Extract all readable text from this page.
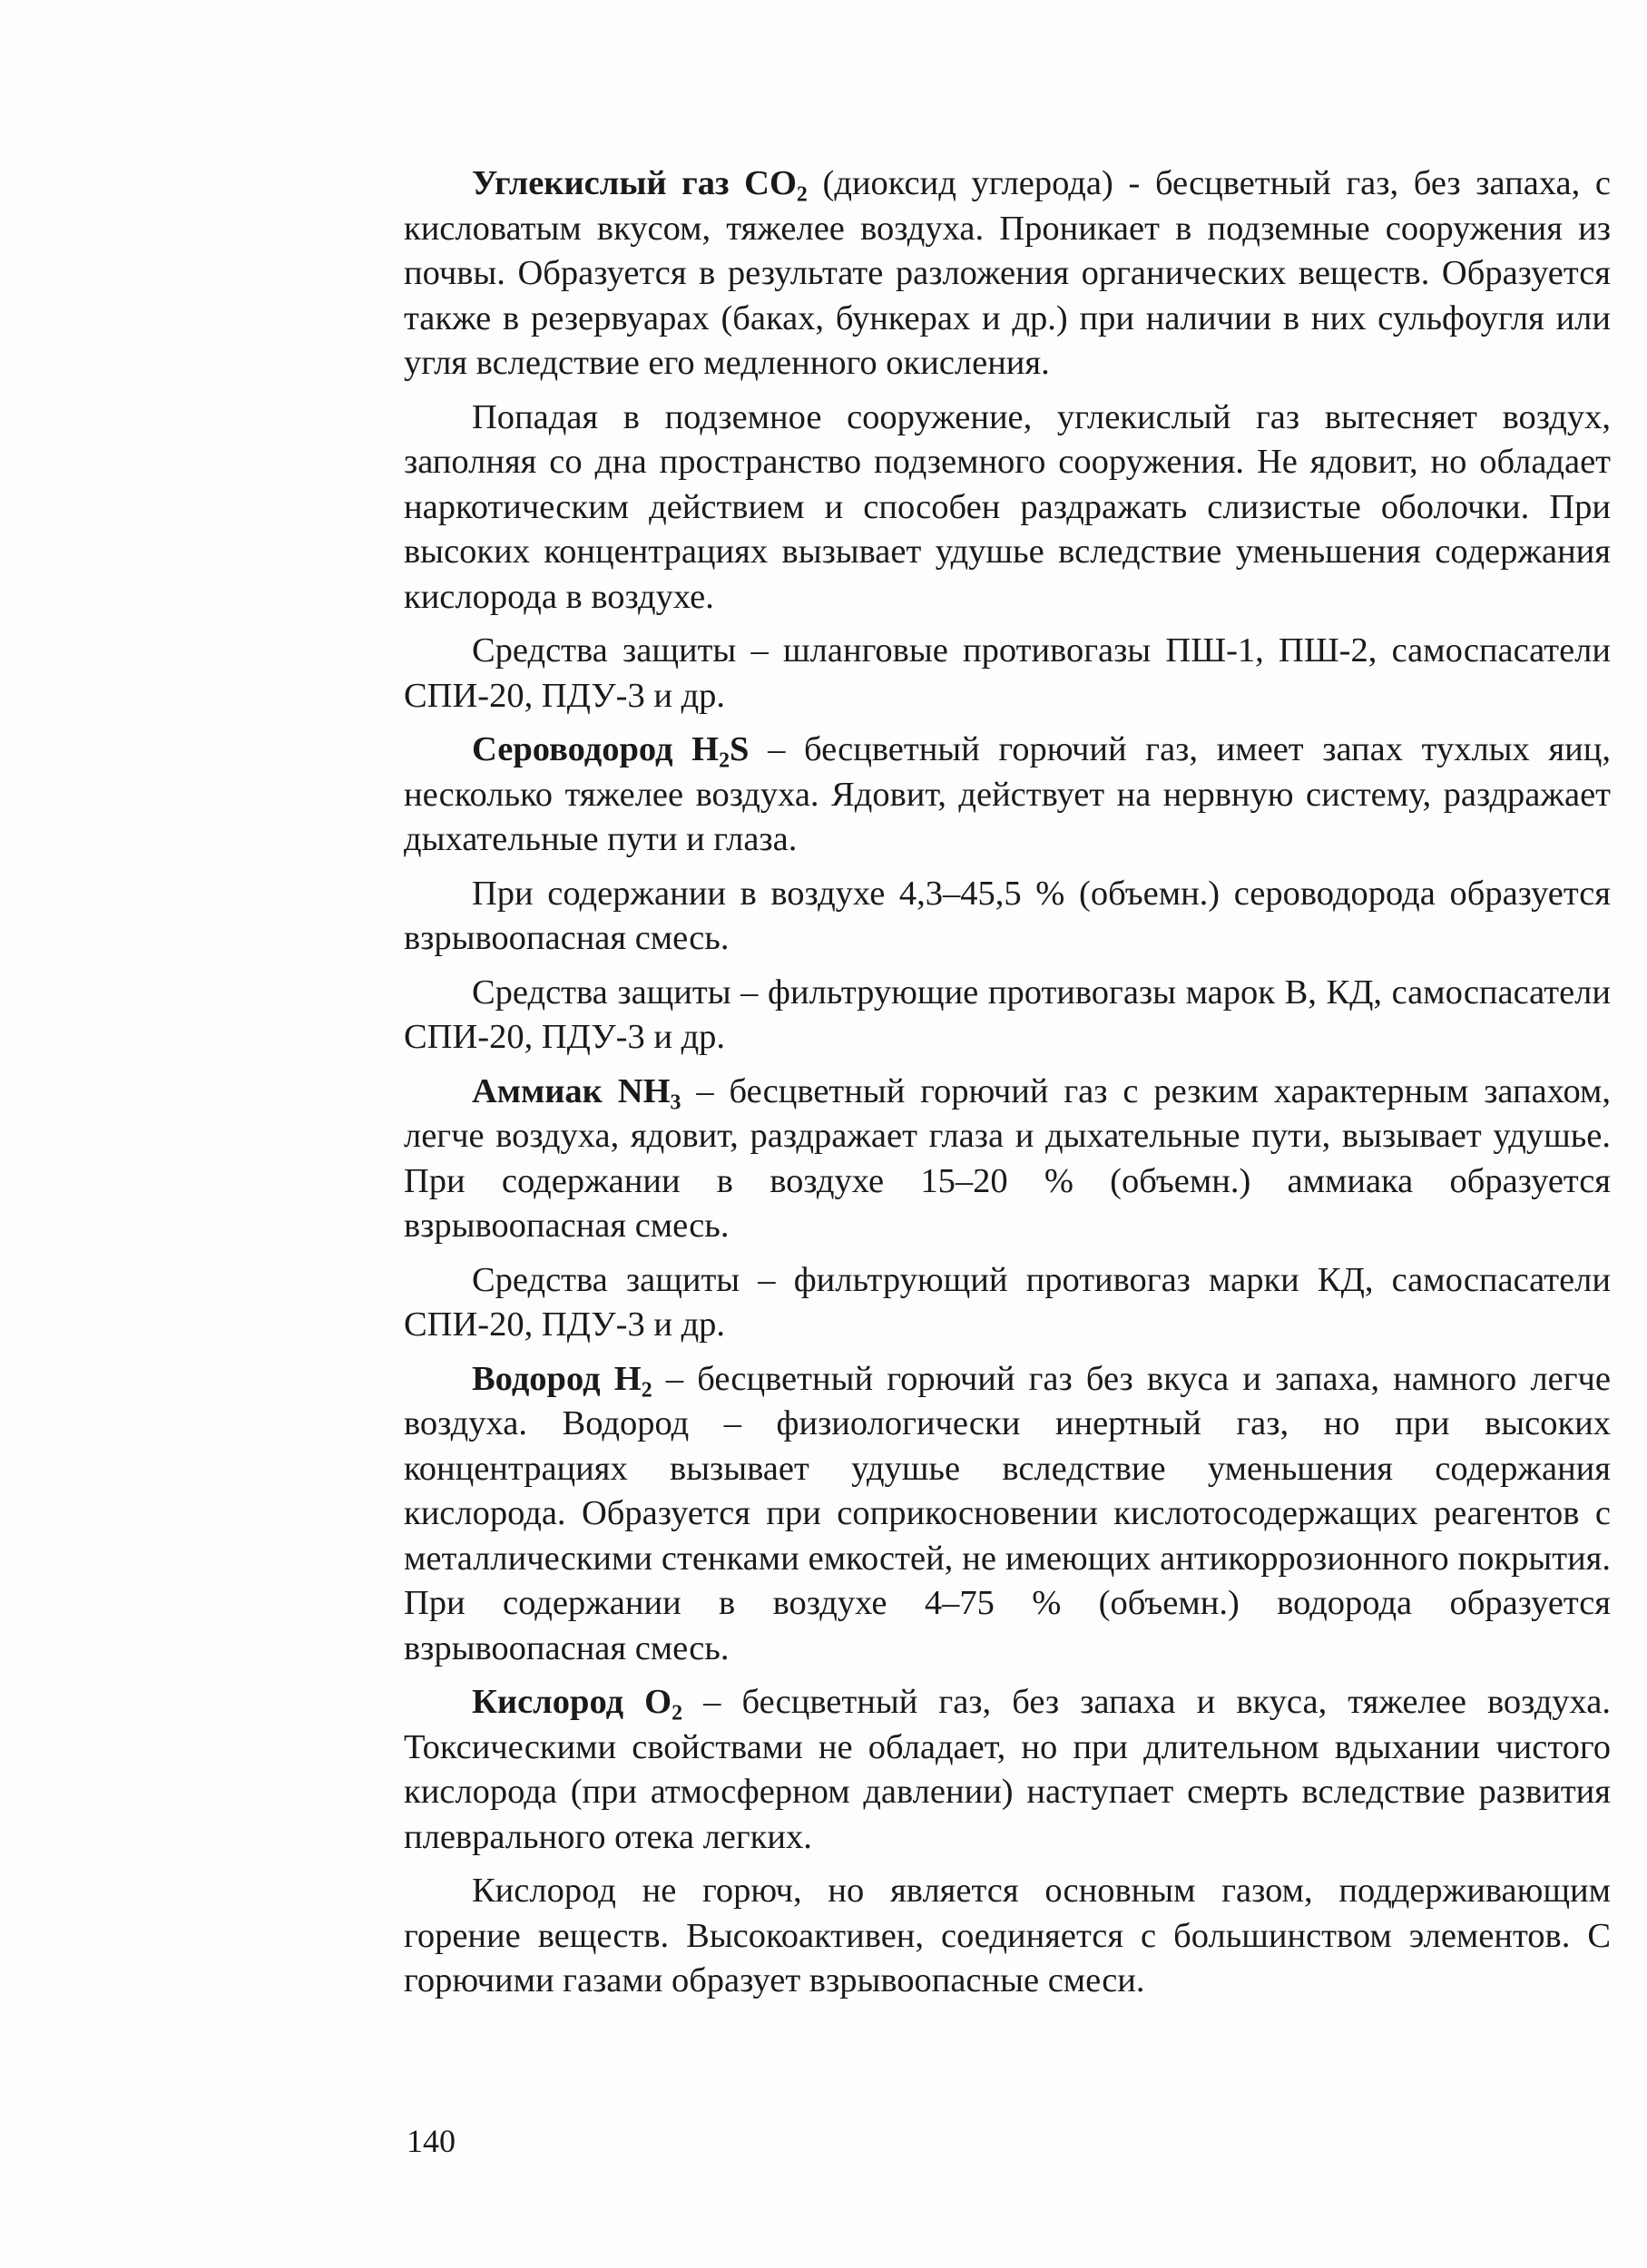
Углекислый газ $CO_2$ (диоксид углерода) - бесцветный газ, без запаха, с кисловатым вкусом, тяжелее воздуха. Проникает в подземные сооружения из почвы. Образуется в результате разложения органических веществ. Образуется также в резервуарах (баках, бункерах и др.) при наличии в них сульфоугля или угля вследствие его медленного окисления.

Попадая в подземное сооружение, углекислый газ вытесняет воздух, заполняя со дна пространство подземного сооружения. Не ядовит, но обладает наркотическим действием и способен раздражать слизистые оболочки. При высоких концентрациях вызывает удушье вследствие уменьшения содержания кислорода в воздухе.

Средства защиты – шланговые противогазы ПШ-1, ПШ-2, самоспасатели СПИ-20, ПДУ-3 и др.

Сероводород $H_2S$ – бесцветный горючий газ, имеет запах тухлых яиц, несколько тяжелее воздуха. Ядовит, действует на нервную систему, раздражает дыхательные пути и глаза.

При содержании в воздухе 4,3–45,5 % (объемн.) сероводорода образуется взрывоопасная смесь.

Средства защиты – фильтрующие противогазы марок В, КД, самоспасатели СПИ-20, ПДУ-3 и др.

Аммиак $NH_3$ – бесцветный горючий газ с резким характерным запахом, легче воздуха, ядовит, раздражает глаза и дыхательные пути, вызывает удушье. При содержании в воздухе 15–20 % (объемн.) аммиака образуется взрывоопасная смесь.

Средства защиты – фильтрующий противогаз марки КД, самоспасатели СПИ-20, ПДУ-3 и др.

Водород $H_2$ – бесцветный горючий газ без вкуса и запаха, намного легче воздуха. Водород – физиологически инертный газ, но при высоких концентрациях вызывает удушье вследствие уменьшения содержания кислорода. Образуется при соприкосновении кислотосодержащих реагентов с металлическими стенками емкостей, не имеющих антикоррозионного покрытия. При содержании в воздухе 4–75 % (объемн.) водорода образуется взрывоопасная смесь.

Кислород $O_2$ – бесцветный газ, без запаха и вкуса, тяжелее воздуха. Токсическими свойствами не обладает, но при длительном вдыхании чистого кислорода (при атмосферном давлении) наступает смерть вследствие развития плеврального отека легких.

Кислород не горюч, но является основным газом, поддерживающим горение веществ. Высокоактивен, соединяется с большинством элементов. С горючими газами образует взрывоопасные смеси.

140
